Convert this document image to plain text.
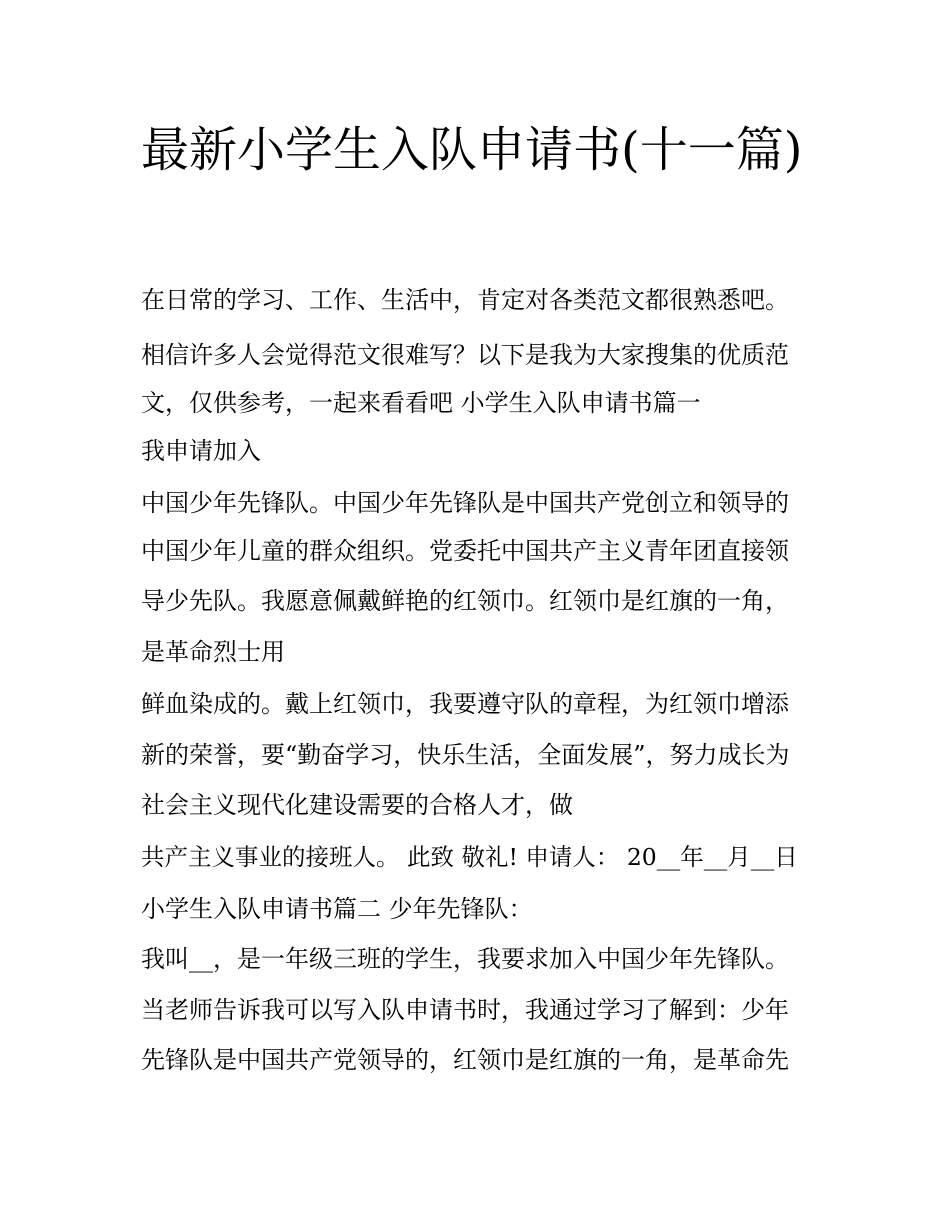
最新小学生入队申请书(十一篇)

在日常的学习、工作、生活中，肯定对各类范文都很熟悉吧。

相信许多人会觉得范文很难写？以下是我为大家搜集的优质范

文，仅供参考，一起来看看吧 小学生入队申请书篇一

我申请加入

中国少年先锋队。中国少年先锋队是中国共产党创立和领导的

中国少年儿童的群众组织。党委托中国共产主义青年团直接领

导少先队。我愿意佩戴鲜艳的红领巾。红领巾是红旗的一角，

是革命烈士用

鲜血染成的。戴上红领巾，我要遵守队的章程，为红领巾增添

新的荣誉，要“勤奋学习，快乐生活，全面发展”，努力成长为

社会主义现代化建设需要的合格人才，做

共产主义事业的接班人。 此致 敬礼! 申请人： 20__年__月__日

小学生入队申请书篇二 少年先锋队：

我叫__，是一年级三班的学生，我要求加入中国少年先锋队。

当老师告诉我可以写入队申请书时，我通过学习了解到：少年

先锋队是中国共产党领导的，红领巾是红旗的一角，是革命先
